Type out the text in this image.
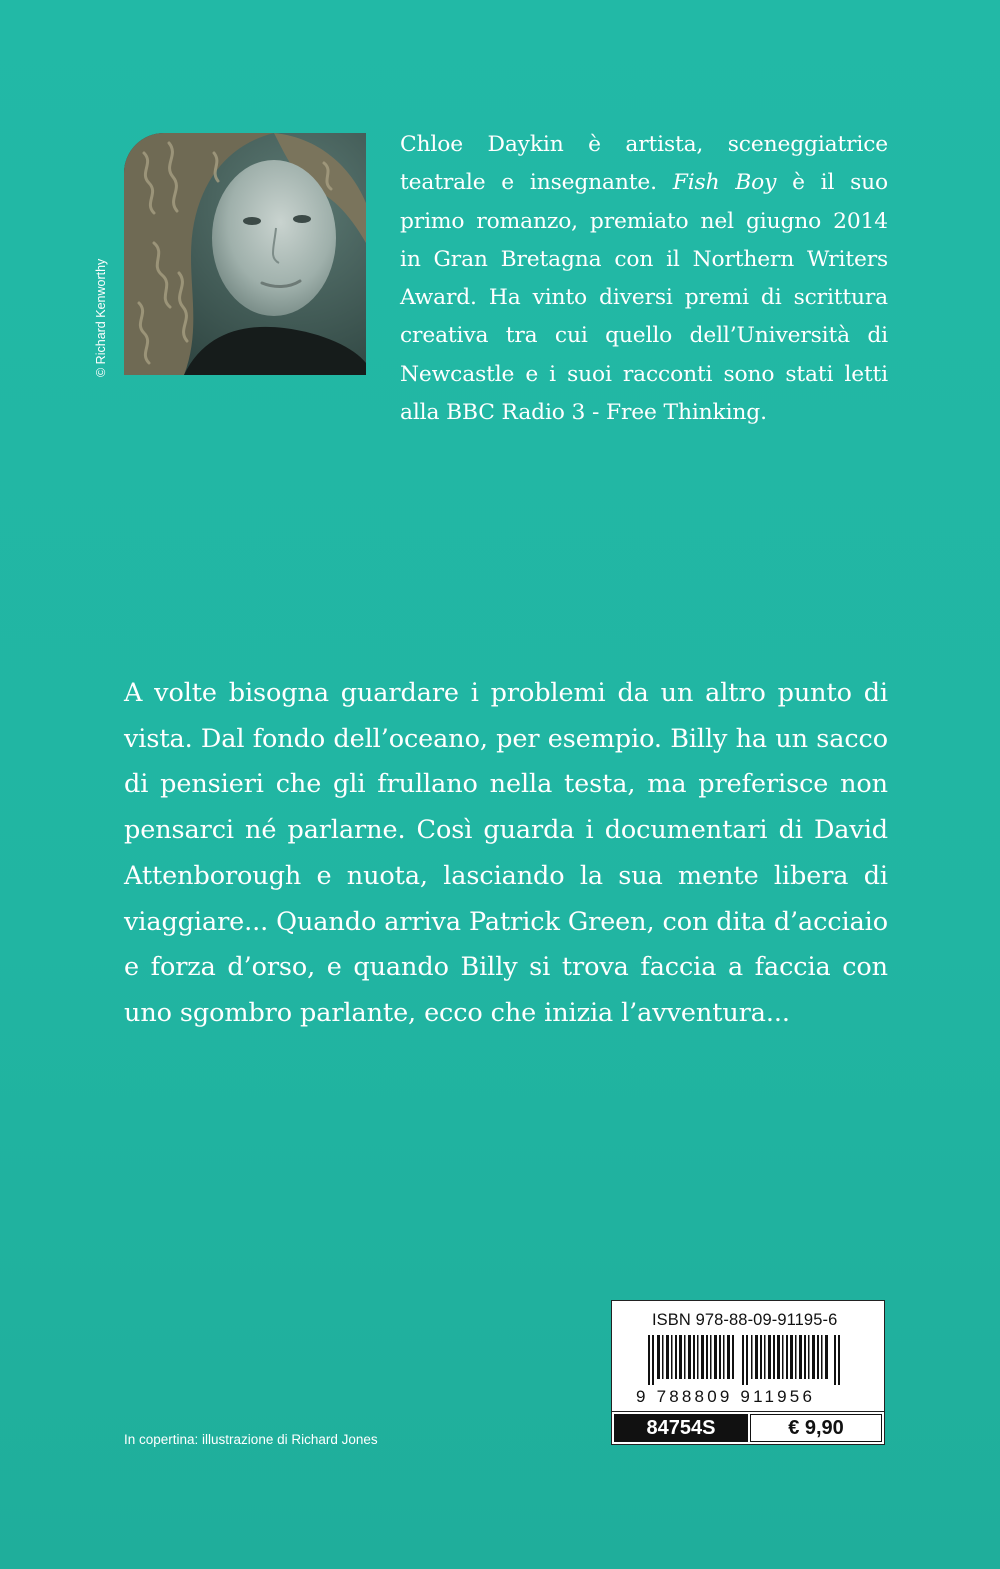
© Richard Kenworthy

Chloe Daykin è artista, sceneggiatrice teatrale e insegnante. Fish Boy è il suo primo romanzo, premiato nel giugno 2014 in Gran Bretagna con il Northern Writers Award. Ha vinto diversi premi di scrittura creativa tra cui quello dell’Università di Newcastle e i suoi racconti sono stati letti alla BBC Radio 3 - Free Thinking.

A volte bisogna guardare i problemi da un altro punto di vista. Dal fondo dell’oceano, per esempio. Billy ha un sacco di pensieri che gli frullano nella testa, ma preferisce non pensarci né parlarne. Così guarda i documentari di David Attenborough e nuota, lasciando la sua mente libera di viaggiare... Quando arriva Patrick Green, con dita d’acciaio e forza d’orso, e quando Billy si trova faccia a faccia con uno sgombro parlante, ecco che inizia l’avventura...

In copertina: illustrazione di Richard Jones
ISBN 978-88-09-91195-6
9 788809 911956
84754S	€ 9,90
